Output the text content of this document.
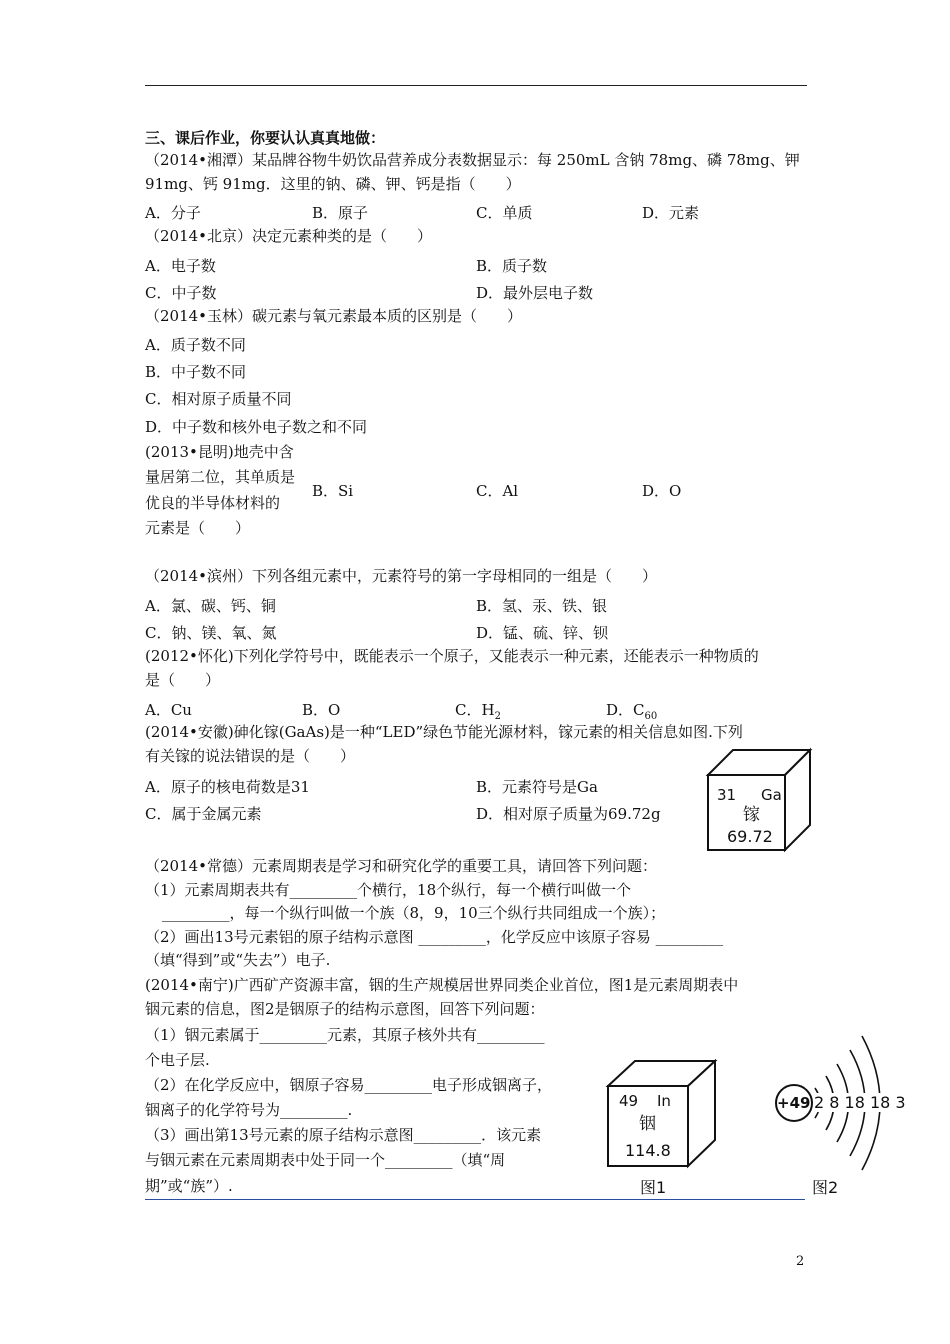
三、课后作业，你要认认真真地做：
（2014•湘潭）某品牌谷物牛奶饮品营养成分表数据显示：每 250mL 含钠 78mg、磷 78mg、钾
91mg、钙 91mg．这里的钠、磷、钾、钙是指（　　）
A．分子	B．原子	C．单质	D．元素
（2014•北京）决定元素种类的是（　　）
A．电子数	B．质子数
C．中子数	D．最外层电子数
（2014•玉林）碳元素与氧元素最本质的区别是（　　）
A．质子数不同
B．中子数不同
C．相对原子质量不同
D．中子数和核外电子数之和不同
(2013•昆明)地壳中含
量居第二位，其单质是
优良的半导体材料的
元素是（　　）
B．Si	C．Al	D．O
（2014•滨州）下列各组元素中，元素符号的第一字母相同的一组是（　　）
A．氯、碳、钙、铜	B．氢、汞、铁、银
C．钠、镁、氧、氮	D．锰、硫、锌、钡
(2012•怀化)下列化学符号中，既能表示一个原子，又能表示一种元素，还能表示一种物质的
是（　　）
A．Cu	B．O	C．$H_2$	D．$C_{60}$
(2014•安徽)砷化镓(GaAs)是一种“LED”绿色节能光源材料，镓元素的相关信息如图.下列
有关镓的说法错误的是（　　）
A．原子的核电荷数是31	B．元素符号是Ga
C．属于金属元素	D．相对原子质量为69.72g
31 Ga
镓
69.72
（2014•常德）元素周期表是学习和研究化学的重要工具，请回答下列问题：
（1）元素周期表共有_________个横行，18个纵行，每一个横行叫做一个
_________，每一个纵行叫做一个族（8，9，10三个纵行共同组成一个族）；
（2）画出13号元素铝的原子结构示意图 _________，化学反应中该原子容易 _________
（填“得到”或“失去”）电子.
(2014•南宁)广西矿产资源丰富，铟的生产规模居世界同类企业首位，图1是元素周期表中
铟元素的信息，图2是铟原子的结构示意图，回答下列问题：
（1）铟元素属于_________元素，其原子核外共有_________
个电子层.
（2）在化学反应中，铟原子容易_________电子形成铟离子，
铟离子的化学符号为_________.
（3）画出第13号元素的原子结构示意图_________．该元素
与铟元素在元素周期表中处于同一个_________（填“周
期”或“族”）.
49 In
铟
114.8
图1
+49 2 8 18 18 3
图2
2
